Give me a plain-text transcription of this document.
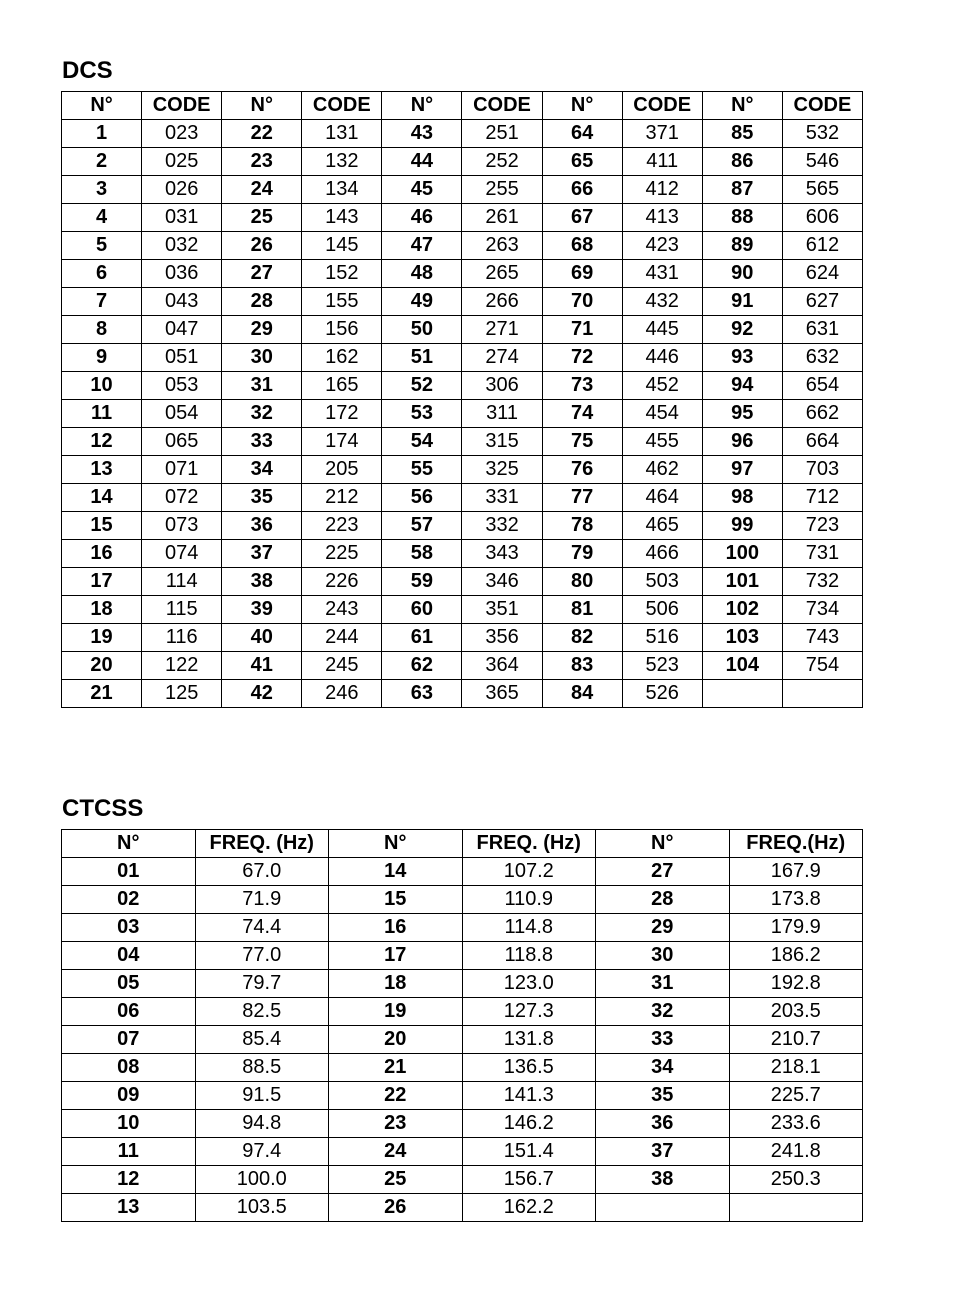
DCS
N°	CODE	N°	CODE	N°	CODE	N°	CODE	N°	CODE
1	023	22	131	43	251	64	371	85	532
2	025	23	132	44	252	65	411	86	546
3	026	24	134	45	255	66	412	87	565
4	031	25	143	46	261	67	413	88	606
5	032	26	145	47	263	68	423	89	612
6	036	27	152	48	265	69	431	90	624
7	043	28	155	49	266	70	432	91	627
8	047	29	156	50	271	71	445	92	631
9	051	30	162	51	274	72	446	93	632
10	053	31	165	52	306	73	452	94	654
11	054	32	172	53	311	74	454	95	662
12	065	33	174	54	315	75	455	96	664
13	071	34	205	55	325	76	462	97	703
14	072	35	212	56	331	77	464	98	712
15	073	36	223	57	332	78	465	99	723
16	074	37	225	58	343	79	466	100	731
17	114	38	226	59	346	80	503	101	732
18	115	39	243	60	351	81	506	102	734
19	116	40	244	61	356	82	516	103	743
20	122	41	245	62	364	83	523	104	754
21	125	42	246	63	365	84	526		
CTCSS
N°	FREQ. (Hz)	N°	FREQ. (Hz)	N°	FREQ.(Hz)
01	67.0	14	107.2	27	167.9
02	71.9	15	110.9	28	173.8
03	74.4	16	114.8	29	179.9
04	77.0	17	118.8	30	186.2
05	79.7	18	123.0	31	192.8
06	82.5	19	127.3	32	203.5
07	85.4	20	131.8	33	210.7
08	88.5	21	136.5	34	218.1
09	91.5	22	141.3	35	225.7
10	94.8	23	146.2	36	233.6
11	97.4	24	151.4	37	241.8
12	100.0	25	156.7	38	250.3
13	103.5	26	162.2		
